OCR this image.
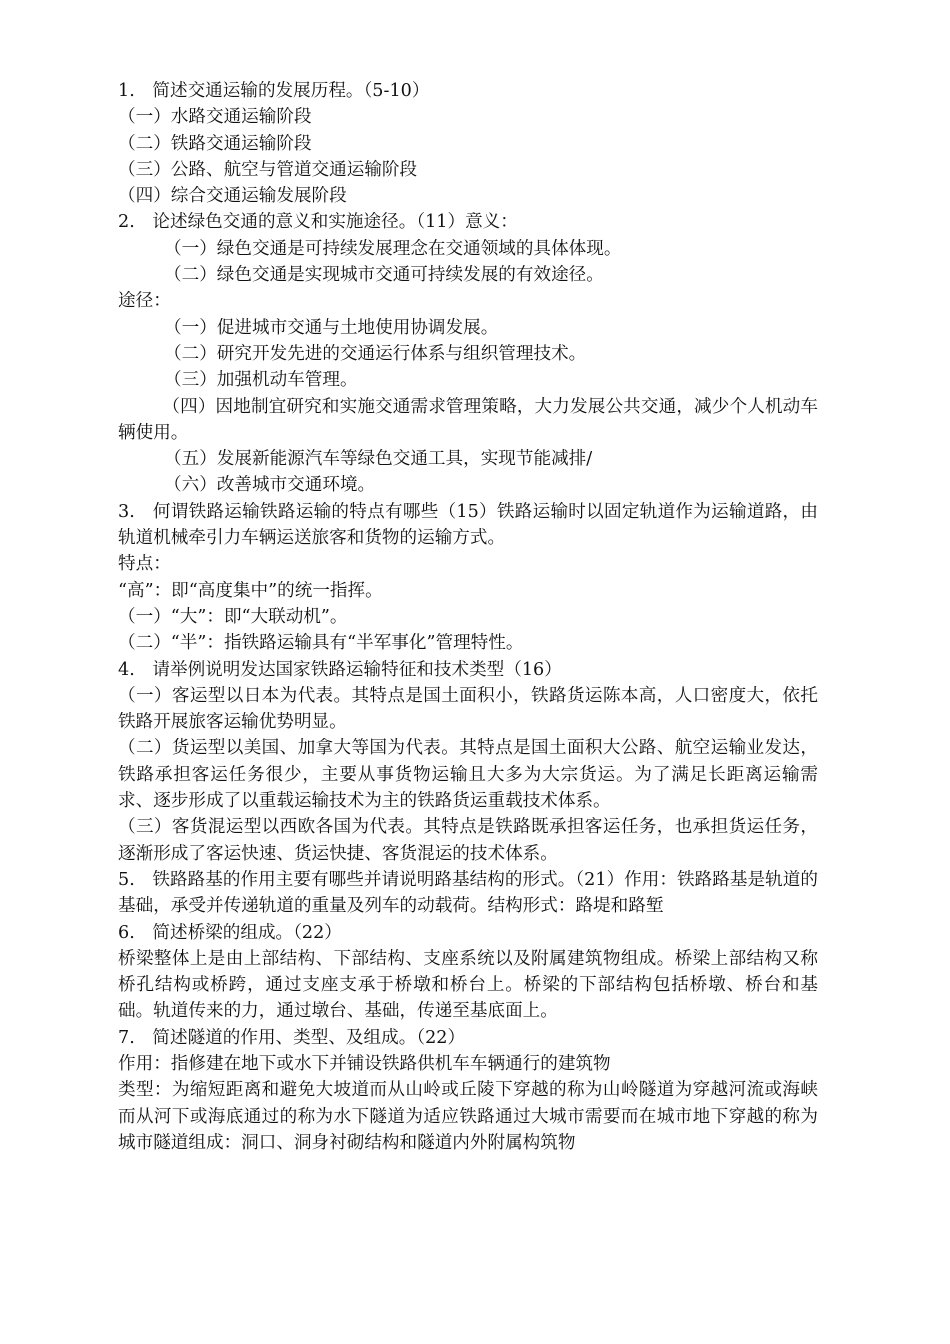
1.　简述交通运输的发展历程。（5-10）

（一）水路交通运输阶段

（二）铁路交通运输阶段

（三）公路、航空与管道交通运输阶段

（四）综合交通运输发展阶段

2.　论述绿色交通的意义和实施途径。（11）意义：

（一）绿色交通是可持续发展理念在交通领域的具体体现。

（二）绿色交通是实现城市交通可持续发展的有效途径。

途径：

（一）促进城市交通与土地使用协调发展。

（二）研究开发先进的交通运行体系与组织管理技术。

（三）加强机动车管理。

　　　（四）因地制宜研究和实施交通需求管理策略，大力发展公共交通，减少个人机动车辆使用。

（五）发展新能源汽车等绿色交通工具，实现节能减排/

（六）改善城市交通环境。

3.　何谓铁路运输铁路运输的特点有哪些（15）铁路运输时以固定轨道作为运输道路，由轨道机械牵引力车辆运送旅客和货物的运输方式。

特点：

“高”：即“高度集中”的统一指挥。

（一）“大”：即“大联动机”。

（二）“半”：指铁路运输具有“半军事化”管理特性。

4.　请举例说明发达国家铁路运输特征和技术类型（16）

（一）客运型以日本为代表。其特点是国土面积小，铁路货运陈本高，人口密度大，依托铁路开展旅客运输优势明显。

（二）货运型以美国、加拿大等国为代表。其特点是国土面积大公路、航空运输业发达，铁路承担客运任务很少，主要从事货物运输且大多为大宗货运。为了满足长距离运输需求、逐步形成了以重载运输技术为主的铁路货运重载技术体系。

（三）客货混运型以西欧各国为代表。其特点是铁路既承担客运任务，也承担货运任务，逐渐形成了客运快速、货运快捷、客货混运的技术体系。

5.　铁路路基的作用主要有哪些并请说明路基结构的形式。（21）作用：铁路路基是轨道的基础，承受并传递轨道的重量及列车的动载荷。结构形式：路堤和路堑

6.　简述桥梁的组成。（22）

桥梁整体上是由上部结构、下部结构、支座系统以及附属建筑物组成。桥梁上部结构又称桥孔结构或桥跨，通过支座支承于桥墩和桥台上。桥梁的下部结构包括桥墩、桥台和基础。轨道传来的力，通过墩台、基础，传递至基底面上。

7.　简述隧道的作用、类型、及组成。（22）

作用：指修建在地下或水下并铺设铁路供机车车辆通行的建筑物

类型：为缩短距离和避免大坡道而从山岭或丘陵下穿越的称为山岭隧道为穿越河流或海峡而从河下或海底通过的称为水下隧道为适应铁路通过大城市需要而在城市地下穿越的称为城市隧道组成：洞口、洞身衬砌结构和隧道内外附属构筑物
